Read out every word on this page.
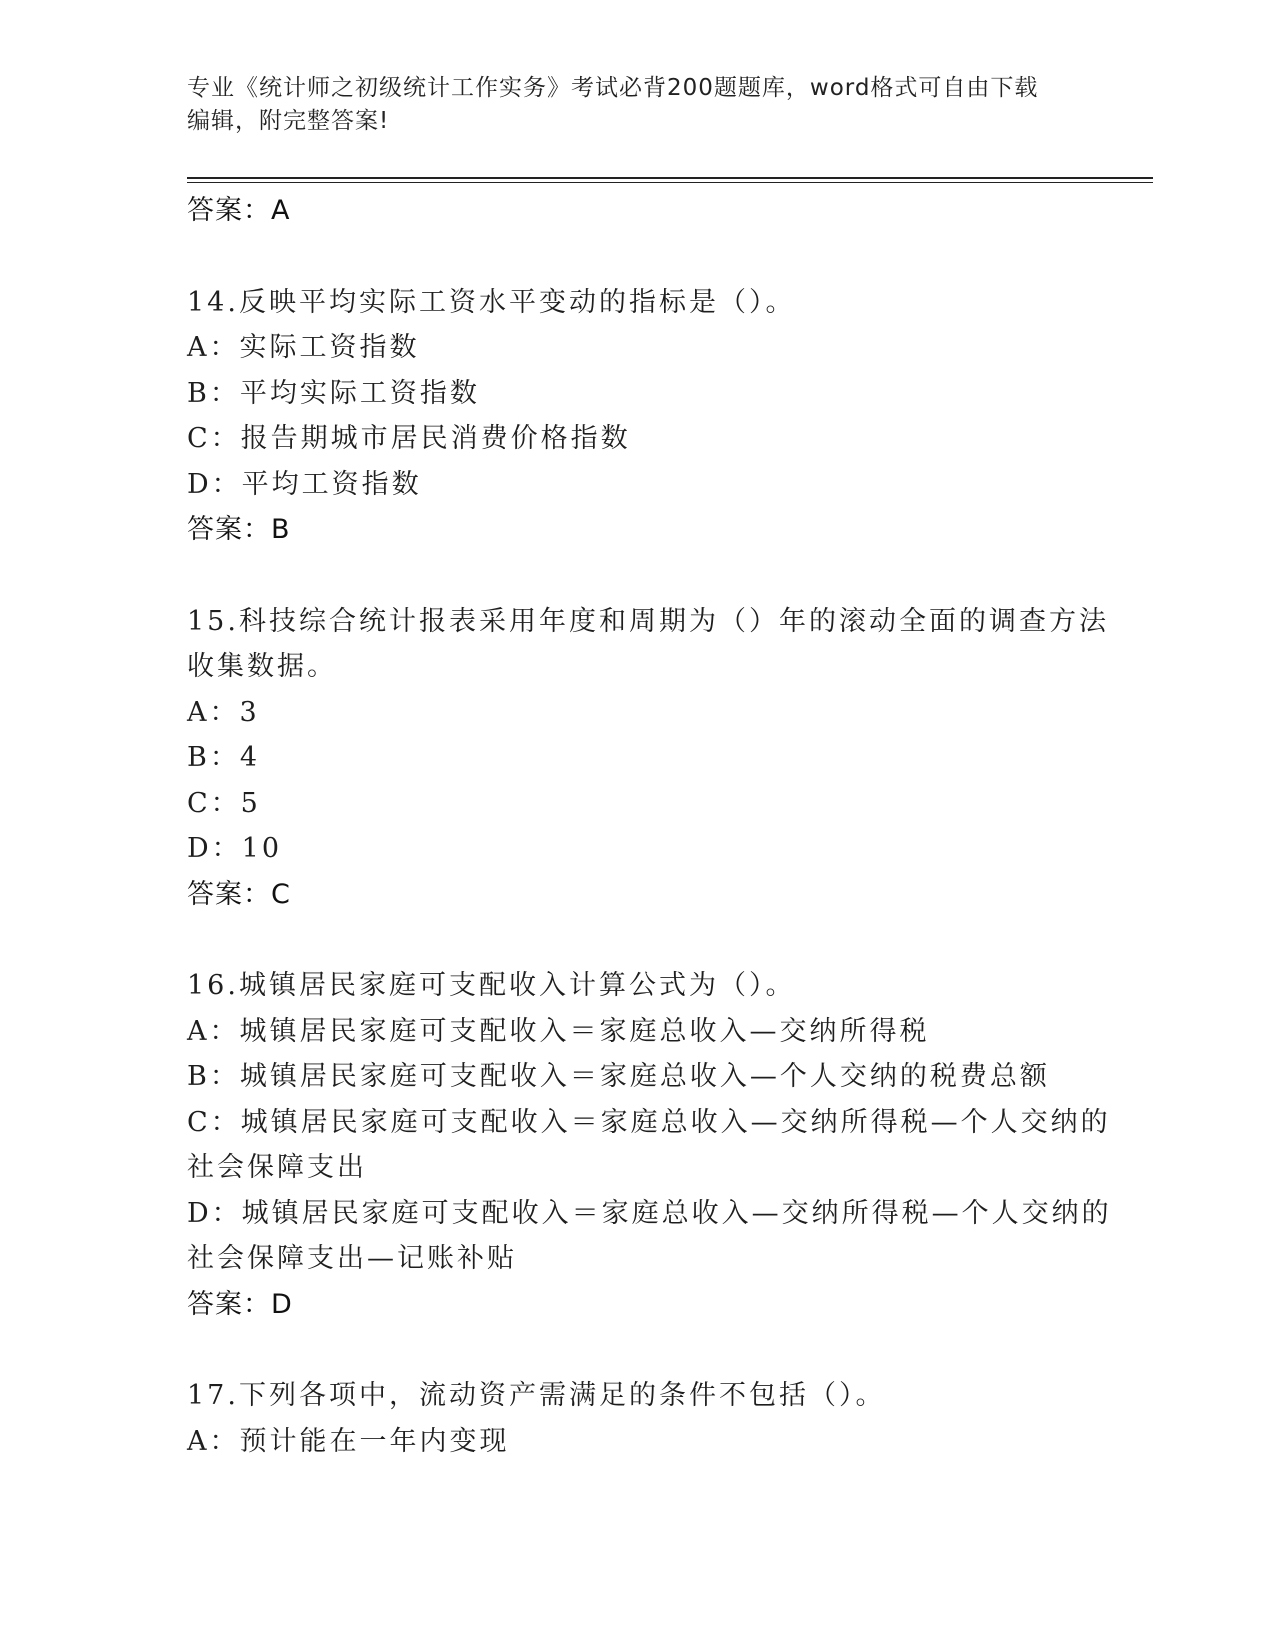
专业《统计师之初级统计工作实务》考试必背200题题库，word格式可自由下载
编辑，附完整答案!
答案：A
14.反映平均实际工资水平变动的指标是（）。
A：实际工资指数
B：平均实际工资指数
C：报告期城市居民消费价格指数
D：平均工资指数
答案：B
15.科技综合统计报表采用年度和周期为（）年的滚动全面的调查方法
收集数据。
A：3
B：4
C：5
D：10
答案：C
16.城镇居民家庭可支配收入计算公式为（）。
A：城镇居民家庭可支配收入＝家庭总收入—交纳所得税
B：城镇居民家庭可支配收入＝家庭总收入—个人交纳的税费总额
C：城镇居民家庭可支配收入＝家庭总收入—交纳所得税—个人交纳的
社会保障支出
D：城镇居民家庭可支配收入＝家庭总收入—交纳所得税—个人交纳的
社会保障支出—记账补贴
答案：D
17.下列各项中，流动资产需满足的条件不包括（）。
A：预计能在一年内变现
